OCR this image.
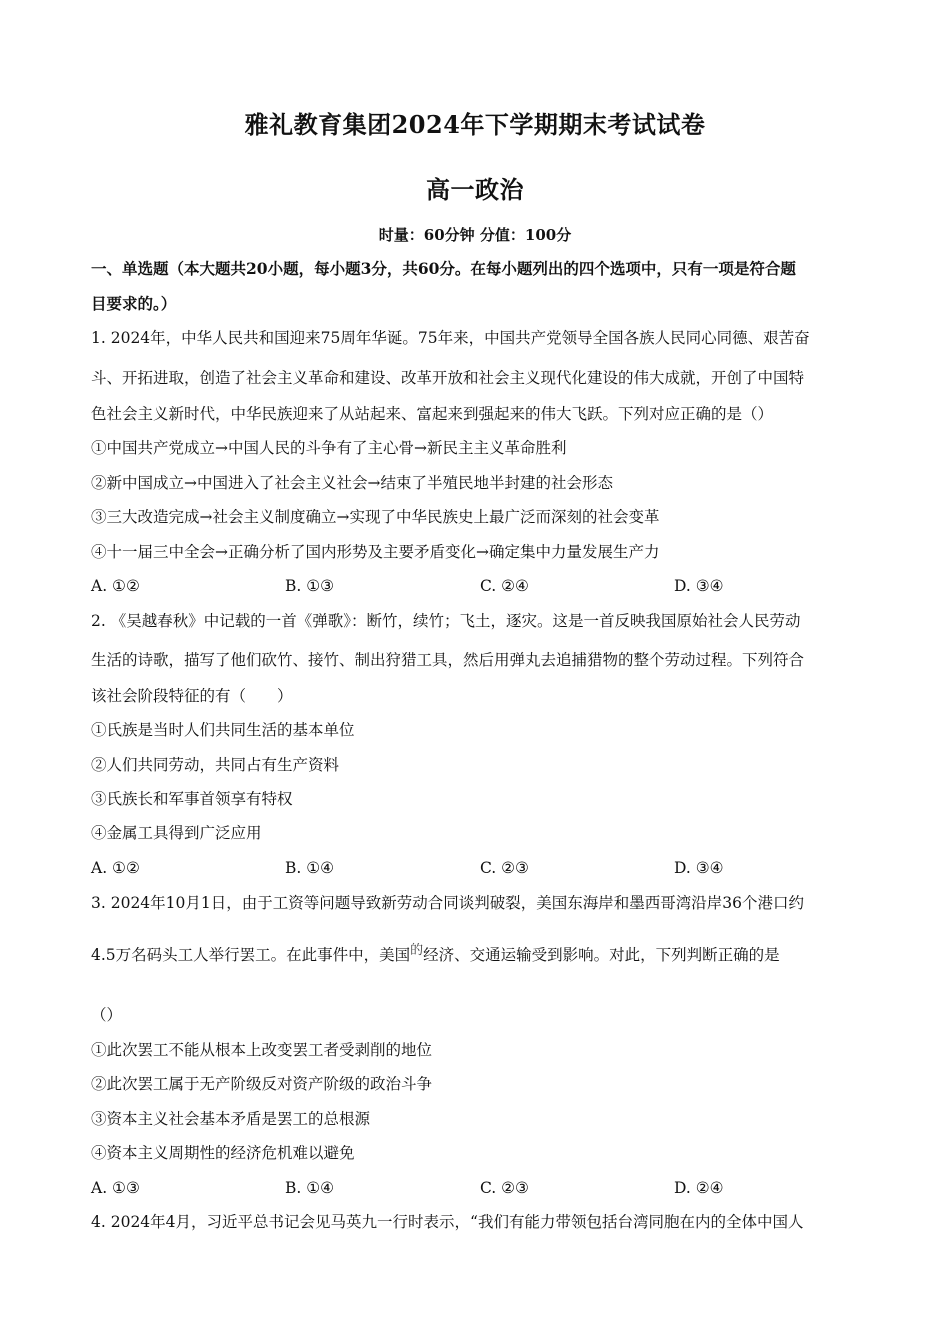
雅礼教育集团2024年下学期期末考试试卷
高一政治
时量：60分钟 分值：100分
一、单选题（本大题共20小题，每小题3分，共60分。在每小题列出的四个选项中，只有一项是符合题
目要求的。）
1. 2024年，中华人民共和国迎来75周年华诞。75年来，中国共产党领导全国各族人民同心同德、艰苦奋
斗、开拓进取，创造了社会主义革命和建设、改革开放和社会主义现代化建设的伟大成就，开创了中国特
色社会主义新时代，中华民族迎来了从站起来、富起来到强起来的伟大飞跃。下列对应正确的是（）
①中国共产党成立→中国人民的斗争有了主心骨→新民主主义革命胜利
②新中国成立→中国进入了社会主义社会→结束了半殖民地半封建的社会形态
③三大改造完成→社会主义制度确立→实现了中华民族史上最广泛而深刻的社会变革
④十一届三中全会→正确分析了国内形势及主要矛盾变化→确定集中力量发展生产力
A. ①②	B. ①③	C. ②④	D. ③④
2. 《吴越春秋》中记载的一首《弹歌》：断竹，续竹；飞土，逐灾。这是一首反映我国原始社会人民劳动
生活的诗歌，描写了他们砍竹、接竹、制出狩猎工具，然后用弹丸去追捕猎物的整个劳动过程。下列符合
该社会阶段特征的有（　　）
①氏族是当时人们共同生活的基本单位
②人们共同劳动，共同占有生产资料
③氏族长和军事首领享有特权
④金属工具得到广泛应用
A. ①②	B. ①④	C. ②③	D. ③④
3. 2024年10月1日，由于工资等问题导致新劳动合同谈判破裂，美国东海岸和墨西哥湾沿岸36个港口约
4.5万名码头工人举行罢工。在此事件中，美国$^的$经济、交通运输受到影响。对此，下列判断正确的是
（）
①此次罢工不能从根本上改变罢工者受剥削的地位
②此次罢工属于无产阶级反对资产阶级的政治斗争
③资本主义社会基本矛盾是罢工的总根源
④资本主义周期性的经济危机难以避免
A. ①③	B. ①④	C. ②③	D. ②④
4. 2024年4月，习近平总书记会见马英九一行时表示，“我们有能力带领包括台湾同胞在内的全体中国人
